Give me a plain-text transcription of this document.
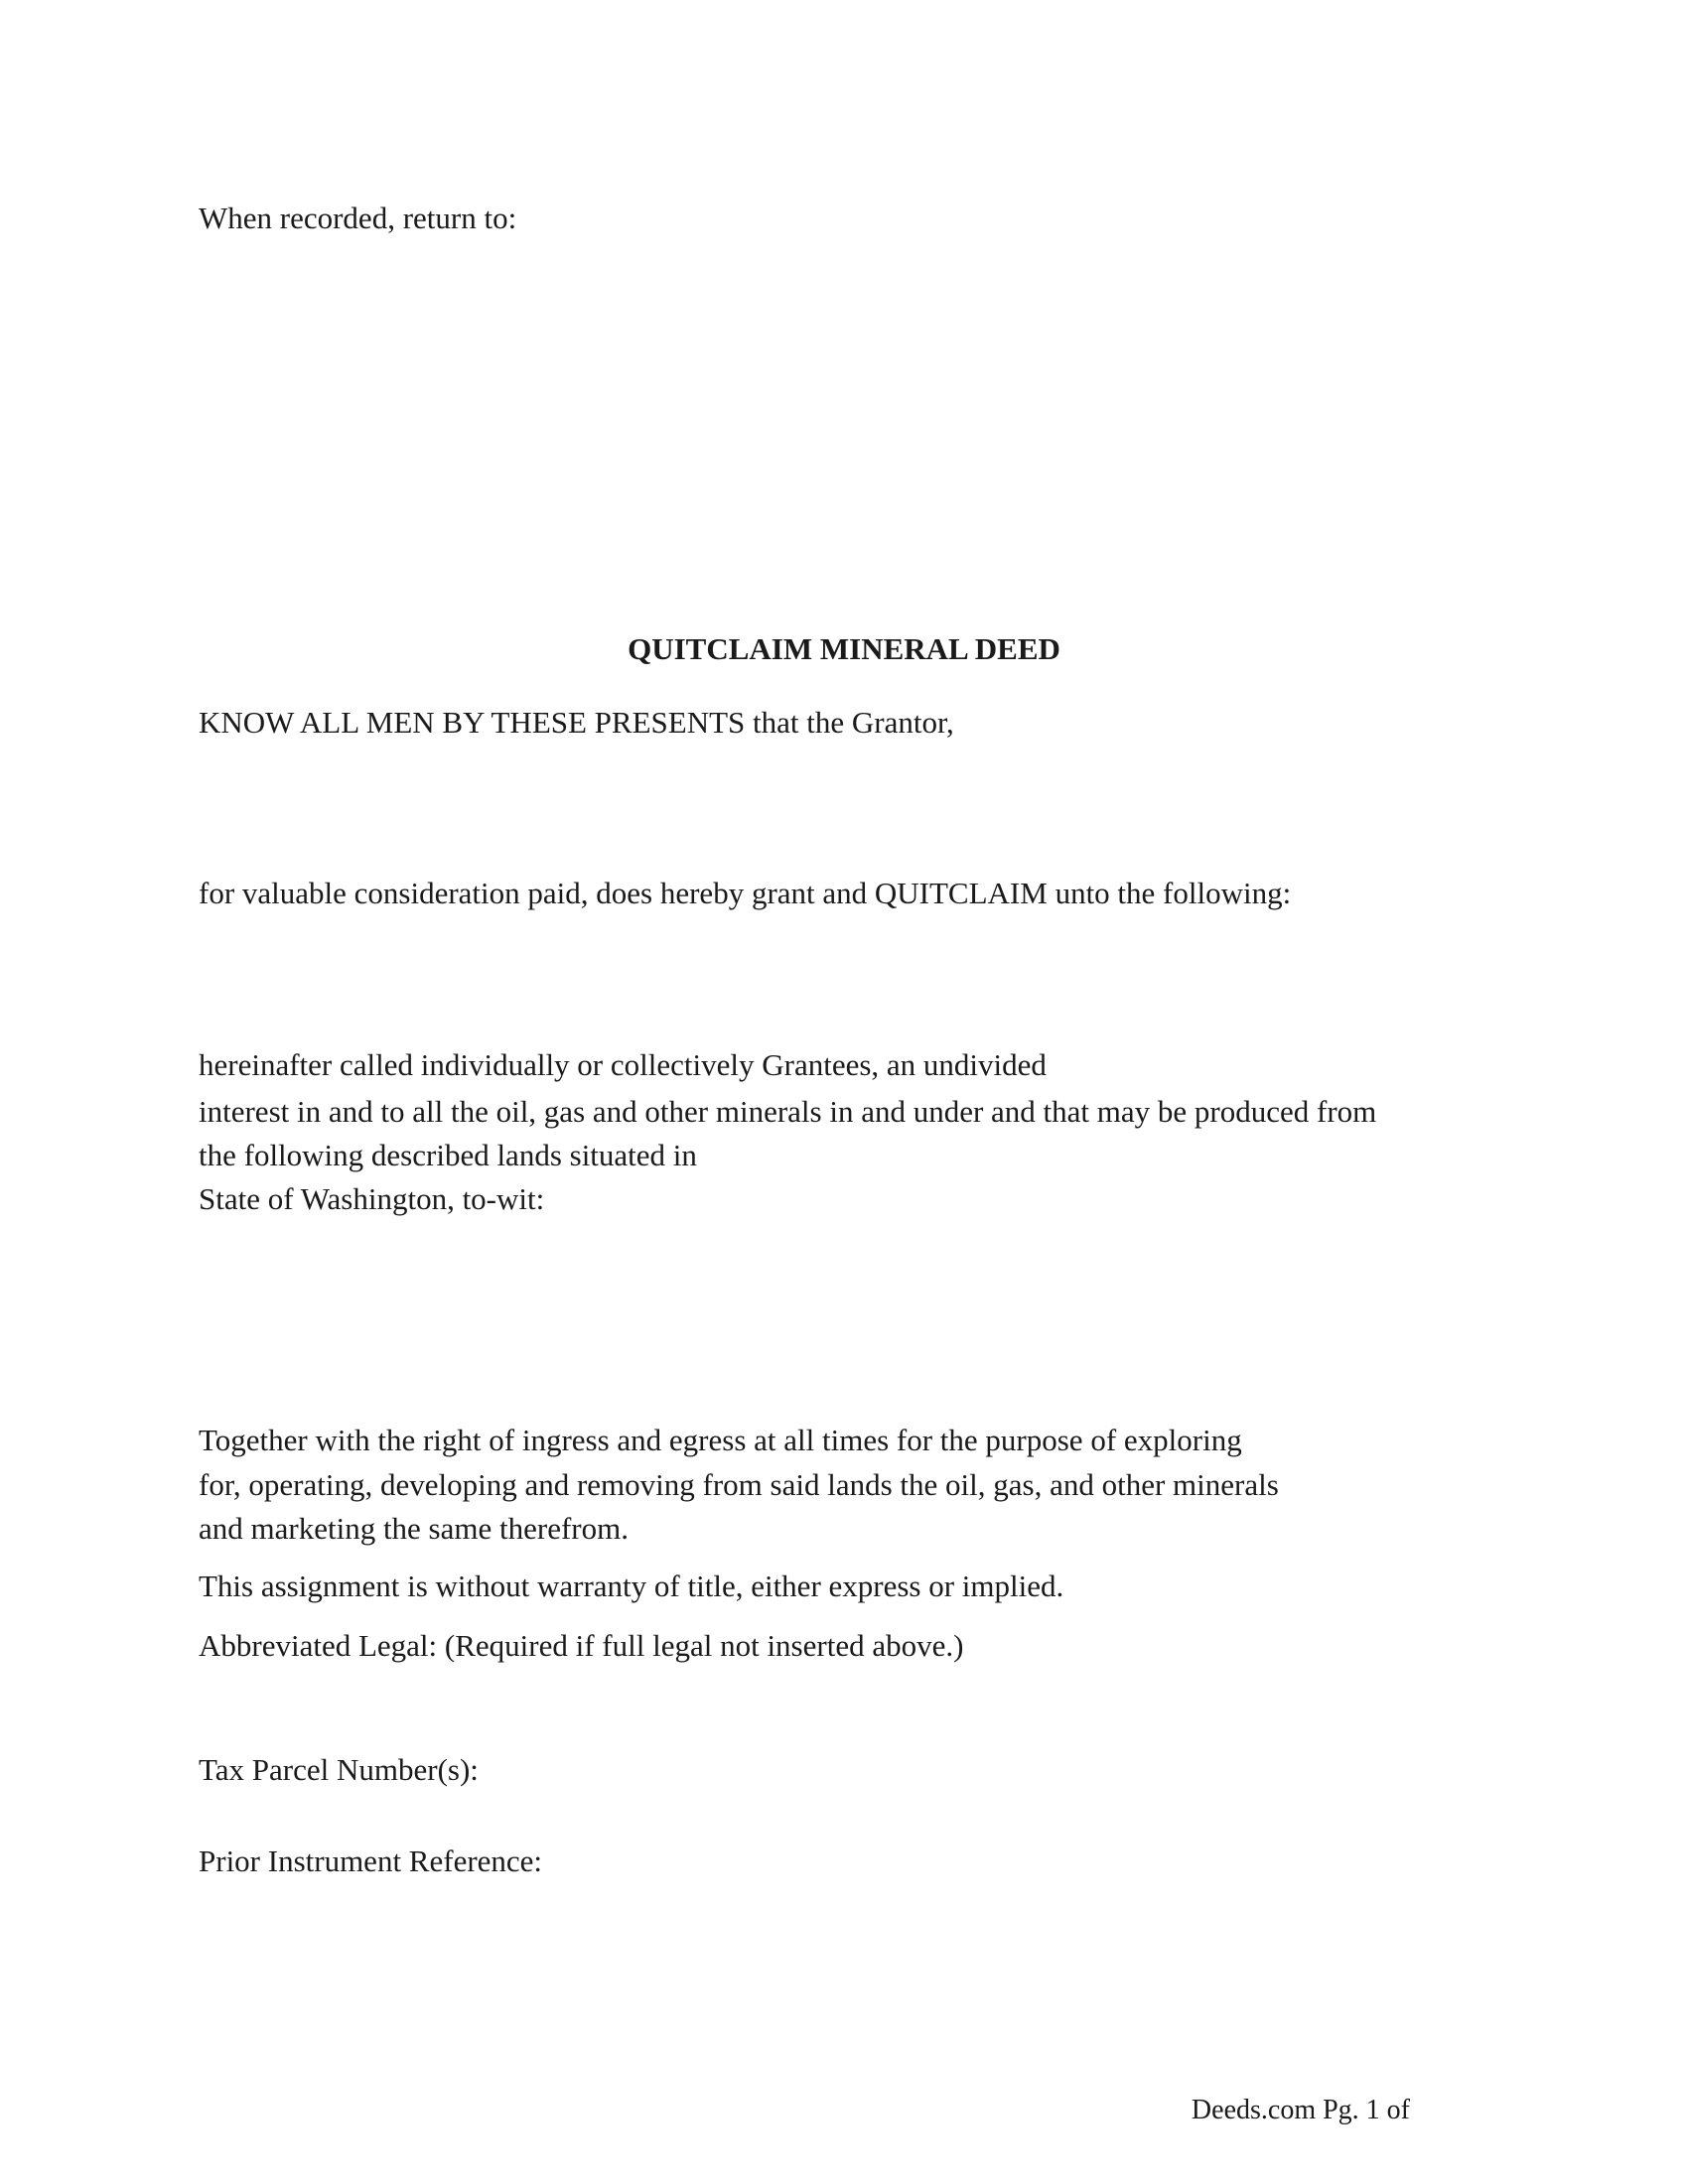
When recorded, return to:

QUITCLAIM MINERAL DEED

KNOW ALL MEN BY THESE PRESENTS that the Grantor,

for valuable consideration paid, does hereby grant and QUITCLAIM unto the following:

hereinafter called individually or collectively Grantees, an undivided

interest in and to all the oil, gas and other minerals in and under and that may be produced from

the following described lands situated in

State of Washington, to-wit:

Together with the right of ingress and egress at all times for the purpose of exploring

for, operating, developing and removing from said lands the oil, gas, and other minerals

and marketing the same therefrom.

This assignment is without warranty of title, either express or implied.

Abbreviated Legal: (Required if full legal not inserted above.)

Tax Parcel Number(s):

Prior Instrument Reference:

Deeds.com Pg. 1 of
